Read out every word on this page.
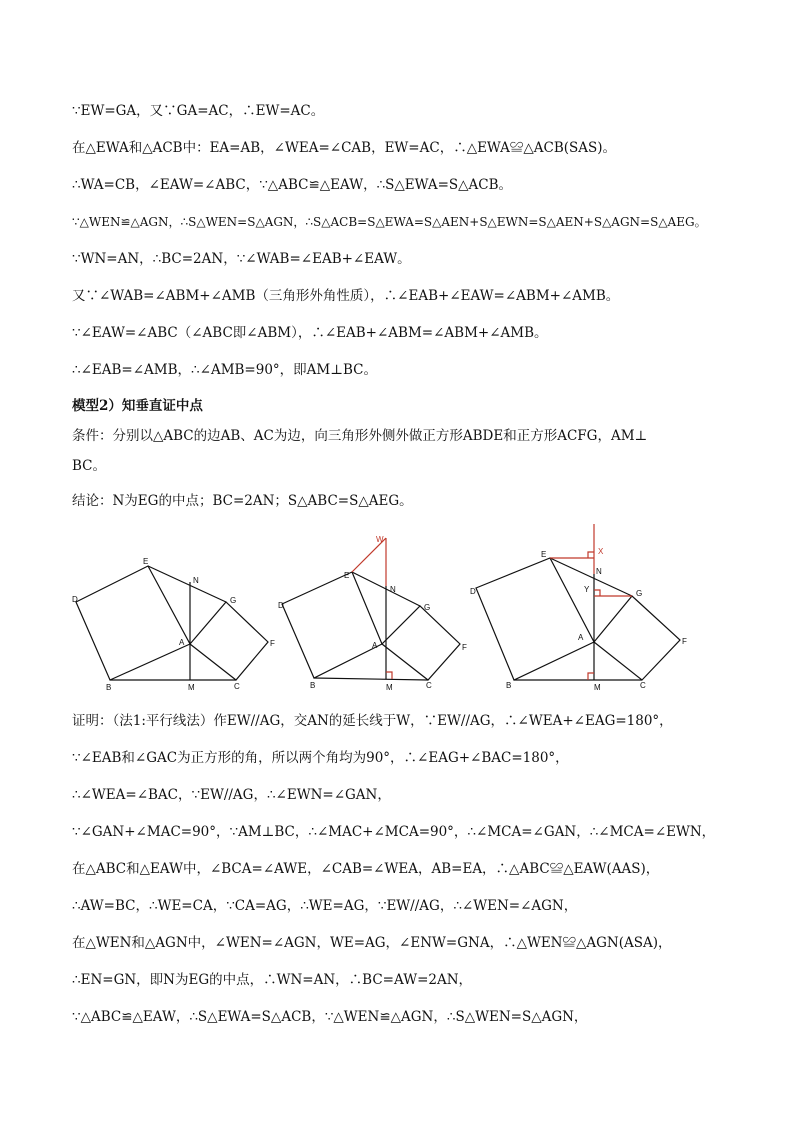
∵EW=GA，又∵GA=AC，∴EW=AC。
在△EWA和△ACB中：EA=AB，∠WEA=∠CAB，EW=AC，∴△EWA≌△ACB(SAS)。
∴WA=CB，∠EAW=∠ABC，∵△ABC≌△EAW，∴S△EWA=S△ACB。
∵△WEN≌△AGN，∴S△WEN=S△AGN，∴S△ACB=S△EWA=S△AEN+S△EWN=S△AEN+S△AGN=S△AEG。
∵WN=AN，∴BC=2AN，∵∠WAB=∠EAB+∠EAW。
又∵∠WAB=∠ABM+∠AMB（三角形外角性质），∴∠EAB+∠EAW=∠ABM+∠AMB。
∵∠EAW=∠ABC（∠ABC即∠ABM），∴∠EAB+∠ABM=∠ABM+∠AMB。
∴∠EAB=∠AMB，∴∠AMB=90°，即AM⊥BC。
模型2）知垂直证中点
条件：分别以△ABC的边AB、AC为边，向三角形外侧外做正方形ABDE和正方形ACFG，AM⊥
BC。
结论：N为EG的中点；BC=2AN；S△ABC=S△AEG。
D
E
N
G
A	F
B	M	C
W
E
N
D	G
A	F
B	M	C
E	X
N
Y	G
D
A	F
B	M	C
证明：（法1:平行线法）作EW//AG，交AN的延长线于W，∵EW//AG，∴∠WEA+∠EAG=180°，
∵∠EAB和∠GAC为正方形的角，所以两个角均为90°，∴∠EAG+∠BAC=180°，
∴∠WEA=∠BAC，∵EW//AG，∴∠EWN=∠GAN，
∵∠GAN+∠MAC=90°，∵AM⊥BC，∴∠MAC+∠MCA=90°，∴∠MCA=∠GAN，∴∠MCA=∠EWN，
在△ABC和△EAW中，∠BCA=∠AWE，∠CAB=∠WEA，AB=EA，∴△ABC≌△EAW(AAS)，
∴AW=BC，∴WE=CA，∵CA=AG，∴WE=AG，∵EW//AG，∴∠WEN=∠AGN，
在△WEN和△AGN中，∠WEN=∠AGN，WE=AG，∠ENW=GNA，∴△WEN≌△AGN(ASA)，
∴EN=GN，即N为EG的中点，∴WN=AN，∴BC=AW=2AN，
∵△ABC≌△EAW，∴S△EWA=S△ACB，∵△WEN≌△AGN，∴S△WEN=S△AGN，
